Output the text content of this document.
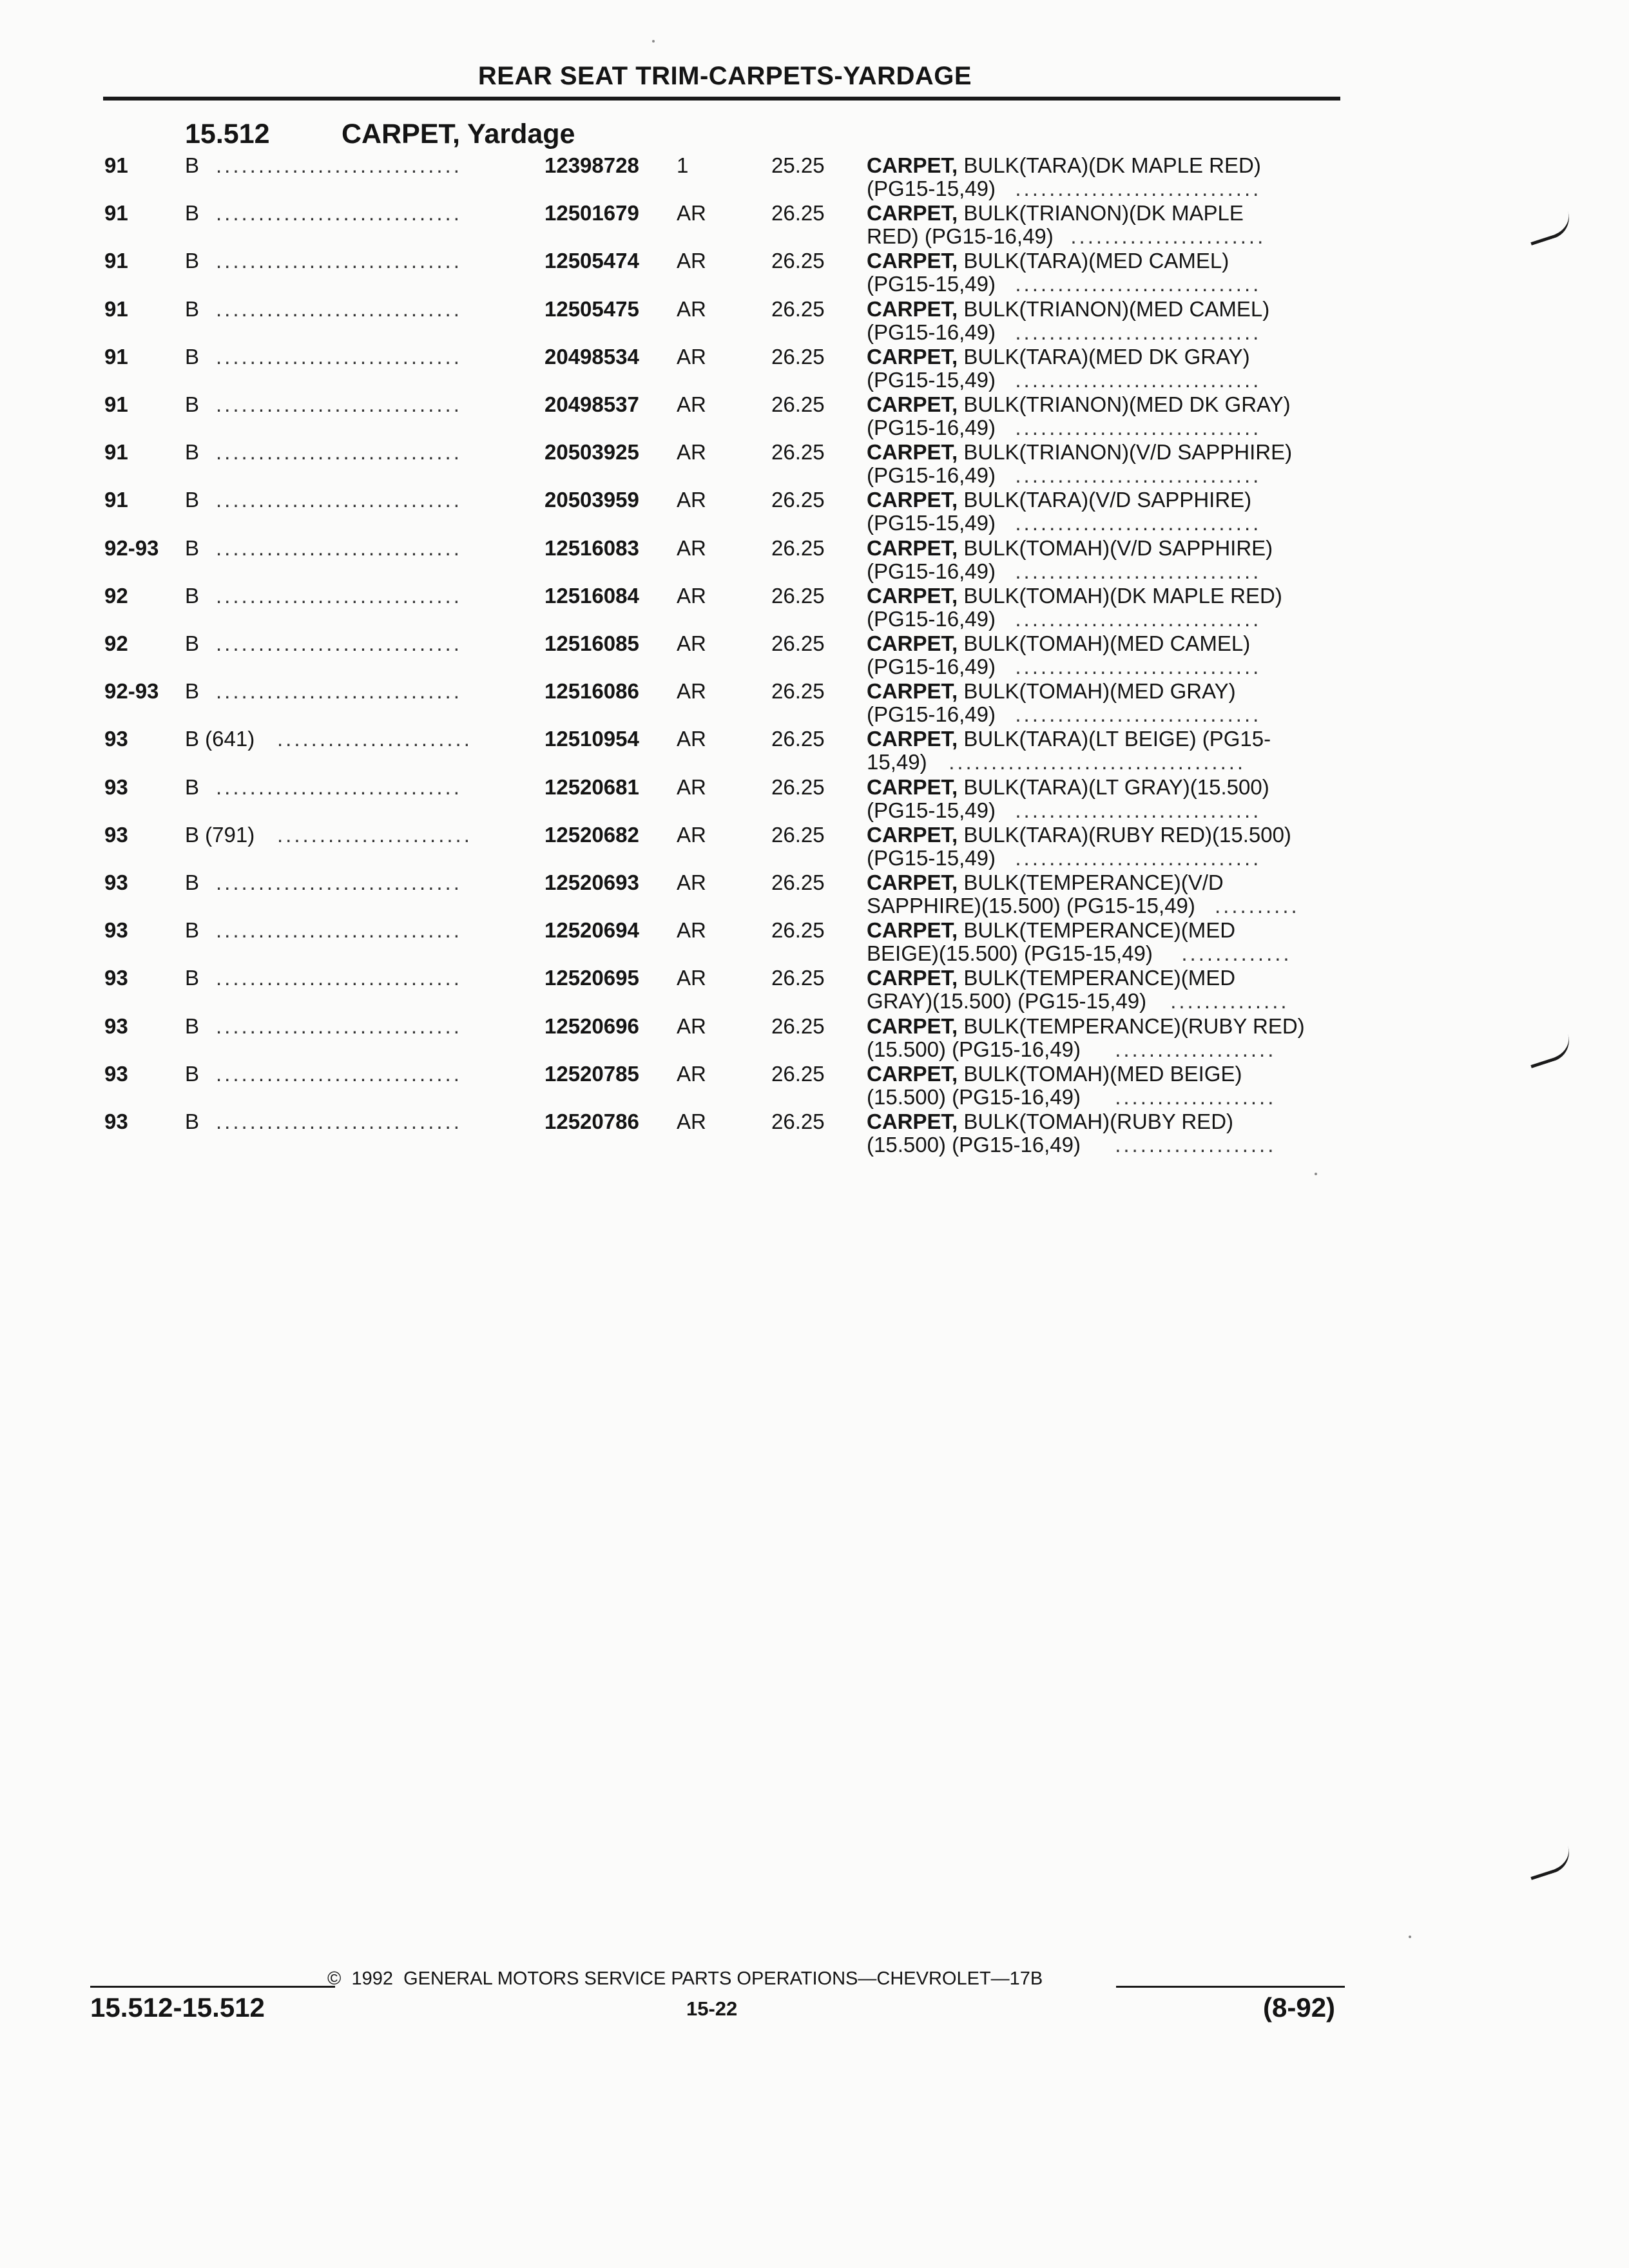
REAR SEAT TRIM-CARPETS-YARDAGE
15.512	CARPET, Yardage
91	B .............................	12398728 1	25.25 CARPET, BULK(TARA)(DK MAPLE RED)
(PG15-15,49) .............................
91	B .............................	12501679 AR	26.25 CARPET, BULK(TRIANON)(DK MAPLE
RED) (PG15-16,49) .......................
91	B .............................	12505474 AR	26.25 CARPET, BULK(TARA)(MED CAMEL)
(PG15-15,49) .............................
91	B .............................	12505475 AR	26.25 CARPET, BULK(TRIANON)(MED CAMEL)
(PG15-16,49) .............................
91	B .............................	20498534 AR	26.25 CARPET, BULK(TARA)(MED DK GRAY)
(PG15-15,49) .............................
91	B .............................	20498537 AR	26.25 CARPET, BULK(TRIANON)(MED DK GRAY)
(PG15-16,49) .............................
91	B .............................	20503925 AR	26.25 CARPET, BULK(TRIANON)(V/D SAPPHIRE)
(PG15-16,49) .............................
91	B .............................	20503959 AR	26.25 CARPET, BULK(TARA)(V/D SAPPHIRE)
(PG15-15,49) .............................
92-93 B .............................	12516083 AR	26.25 CARPET, BULK(TOMAH)(V/D SAPPHIRE)
(PG15-16,49) .............................
92	B .............................	12516084 AR	26.25 CARPET, BULK(TOMAH)(DK MAPLE RED)
(PG15-16,49) .............................
92	B .............................	12516085 AR	26.25 CARPET, BULK(TOMAH)(MED CAMEL)
(PG15-16,49) .............................
92-93 B .............................	12516086 AR	26.25 CARPET, BULK(TOMAH)(MED GRAY)
(PG15-16,49) .............................
93	B (641) .......................	12510954 AR	26.25 CARPET, BULK(TARA)(LT BEIGE) (PG15-
15,49) ...................................
93	B .............................	12520681 AR	26.25 CARPET, BULK(TARA)(LT GRAY)(15.500)
(PG15-15,49) .............................
93	B (791) .......................	12520682 AR	26.25 CARPET, BULK(TARA)(RUBY RED)(15.500)
(PG15-15,49) .............................
93	B .............................	12520693 AR	26.25 CARPET, BULK(TEMPERANCE)(V/D
SAPPHIRE)(15.500) (PG15-15,49) ..........
93	B .............................	12520694 AR	26.25 CARPET, BULK(TEMPERANCE)(MED
BEIGE)(15.500) (PG15-15,49) .............
93	B .............................	12520695 AR	26.25 CARPET, BULK(TEMPERANCE)(MED
GRAY)(15.500) (PG15-15,49) ..............
93	B .............................	12520696 AR	26.25 CARPET, BULK(TEMPERANCE)(RUBY RED)
(15.500) (PG15-16,49) ...................
93	B .............................	12520785 AR	26.25 CARPET, BULK(TOMAH)(MED BEIGE)
(15.500) (PG15-16,49) ...................
93	B .............................	12520786 AR	26.25 CARPET, BULK(TOMAH)(RUBY RED)
(15.500) (PG15-16,49) ...................
©  1992  GENERAL MOTORS SERVICE PARTS OPERATIONS—CHEVROLET—17B
15.512-15.512	15-22	(8-92)
